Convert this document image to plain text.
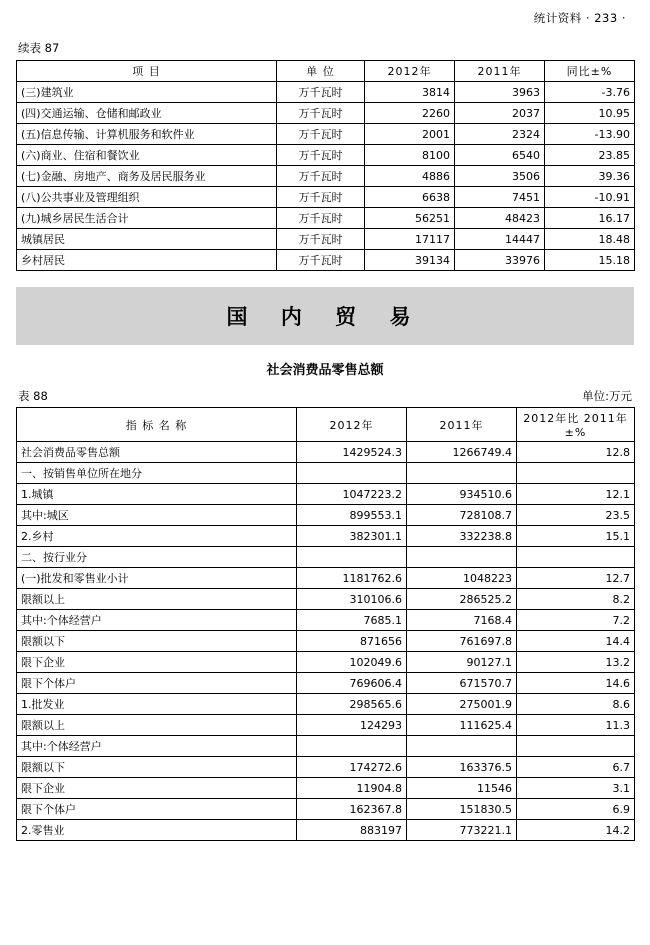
统计资料 · 233 ·
续表 87
项 目	单 位	2012年	2011年	同比±%
(三)建筑业	万千瓦时	3814	3963	-3.76
(四)交通运输、仓储和邮政业	万千瓦时	2260	2037	10.95
(五)信息传输、计算机服务和软件业	万千瓦时	2001	2324	-13.90
(六)商业、住宿和餐饮业	万千瓦时	8100	6540	23.85
(七)金融、房地产、商务及居民服务业	万千瓦时	4886	3506	39.36
(八)公共事业及管理组织	万千瓦时	6638	7451	-10.91
(九)城乡居民生活合计	万千瓦时	56251	48423	16.17
城镇居民	万千瓦时	17117	14447	18.48
乡村居民	万千瓦时	39134	33976	15.18
国 内 贸 易
社会消费品零售总额
表 88	单位:万元
指 标 名 称	2012年	2011年	2012年比 2011年±%
社会消费品零售总额	1429524.3	1266749.4	12.8
一、按销售单位所在地分			
1.城镇	1047223.2	934510.6	12.1
其中:城区	899553.1	728108.7	23.5
2.乡村	382301.1	332238.8	15.1
二、按行业分			
(一)批发和零售业小计	1181762.6	1048223	12.7
限额以上	310106.6	286525.2	8.2
其中:个体经营户	7685.1	7168.4	7.2
限额以下	871656	761697.8	14.4
限下企业	102049.6	90127.1	13.2
限下个体户	769606.4	671570.7	14.6
1.批发业	298565.6	275001.9	8.6
限额以上	124293	111625.4	11.3
其中:个体经营户			
限额以下	174272.6	163376.5	6.7
限下企业	11904.8	11546	3.1
限下个体户	162367.8	151830.5	6.9
2.零售业	883197	773221.1	14.2
